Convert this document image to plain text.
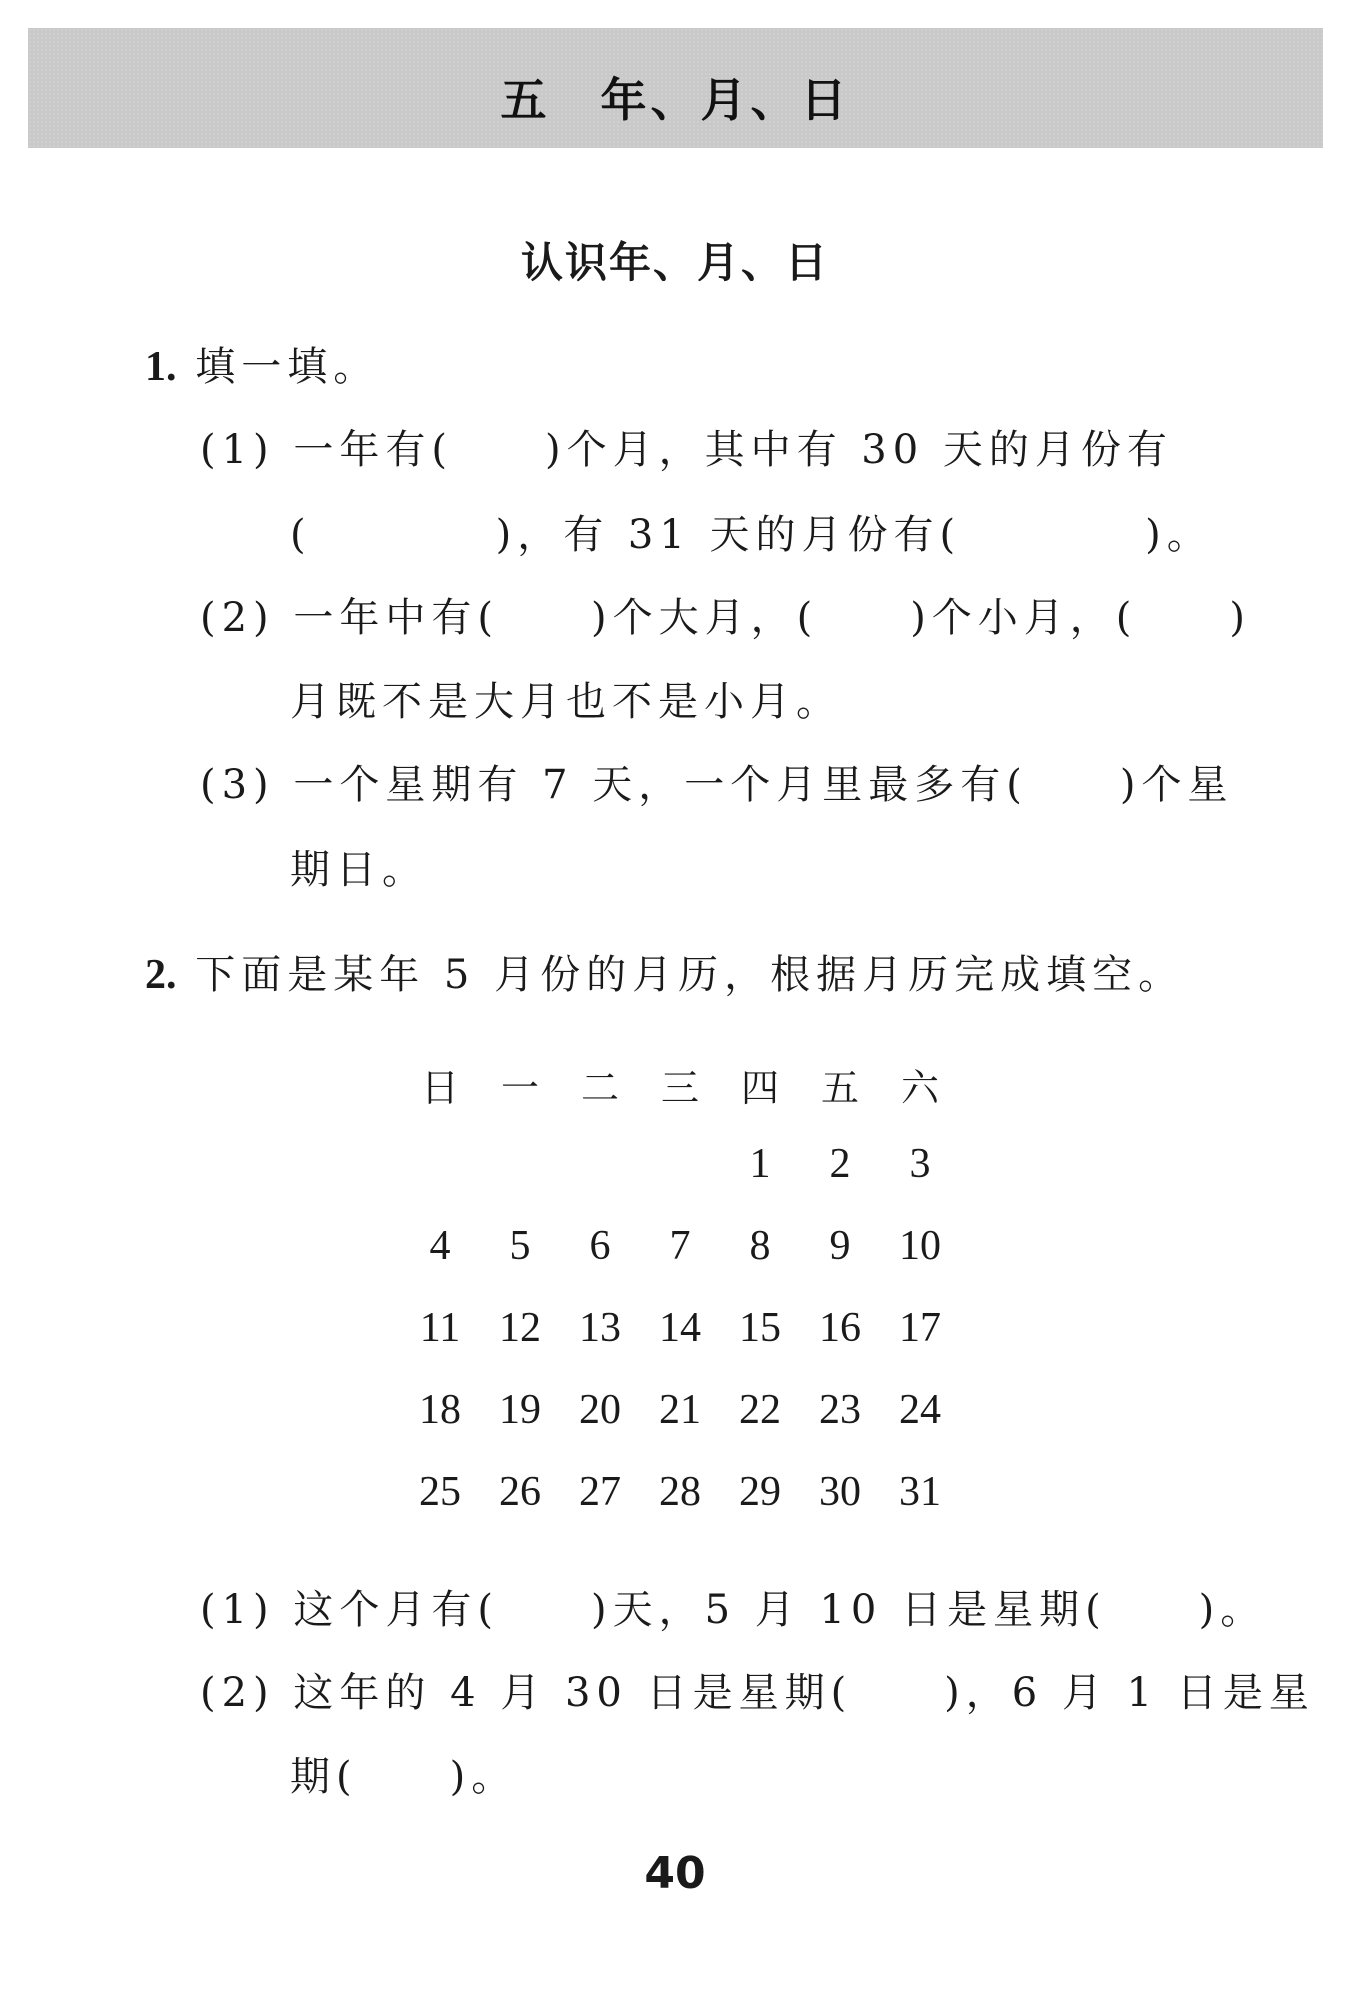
五 年、月、日
认识年、月、日
1. 填一填。
(1) 一年有(　　)个月，其中有 30 天的月份有
(　　　　)，有 31 天的月份有(　　　　)。
(2) 一年中有(　　)个大月，(　　)个小月，(　　)
月既不是大月也不是小月。
(3) 一个星期有 7 天，一个月里最多有(　　)个星
期日。
2. 下面是某年 5 月份的月历，根据月历完成填空。
日	一	二	三	四	五	六
				1	2	3
4	5	6	7	8	9	10
11	12	13	14	15	16	17
18	19	20	21	22	23	24
25	26	27	28	29	30	31
(1) 这个月有(　　)天，5 月 10 日是星期(　　)。
(2) 这年的 4 月 30 日是星期(　　)，6 月 1 日是星
期(　　)。
40
